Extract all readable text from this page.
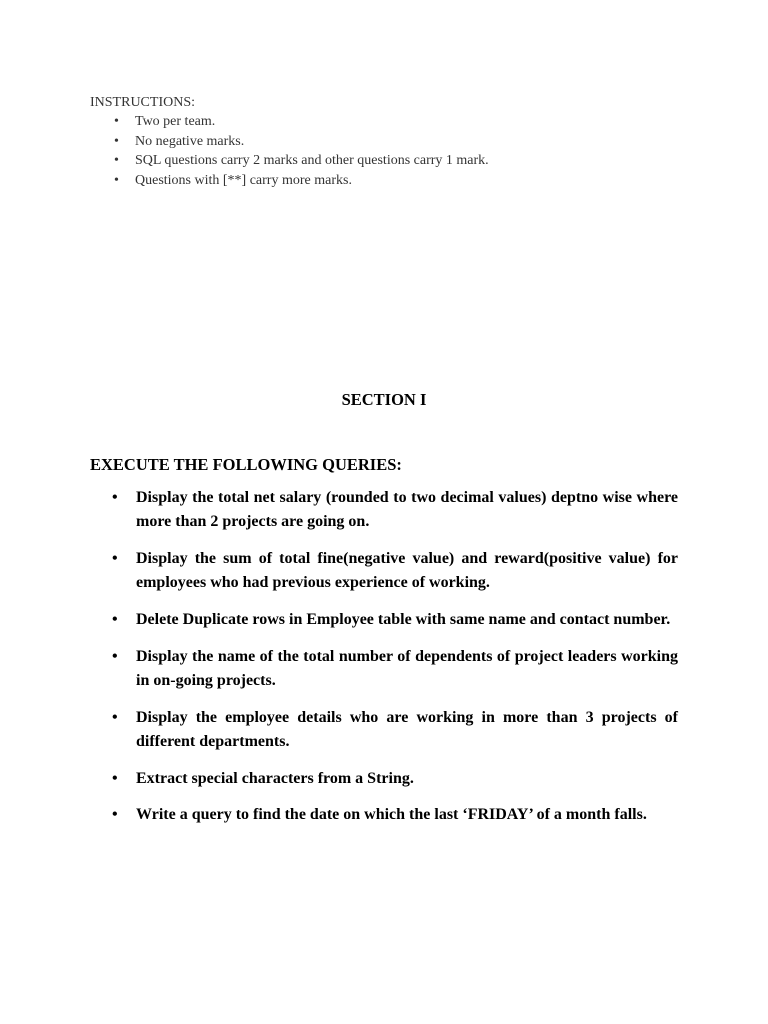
INSTRUCTIONS:

• Two per team.
• No negative marks.
• SQL questions carry 2 marks and other questions carry 1 mark.
• Questions with [**] carry more marks.
SECTION I
EXECUTE THE FOLLOWING QUERIES:
• Display the total net salary (rounded to two decimal values) deptno wise where more than 2 projects are going on.
• Display the sum of total fine(negative value) and reward(positive value) for employees who had previous experience of working.
• Delete Duplicate rows in Employee table with same name and contact number.
• Display the name of the total number of dependents of project leaders working in on-going projects.
• Display the employee details who are working in more than 3 projects of different departments.
• Extract special characters from a String.
• Write a query to find the date on which the last ‘FRIDAY’ of a month falls.
